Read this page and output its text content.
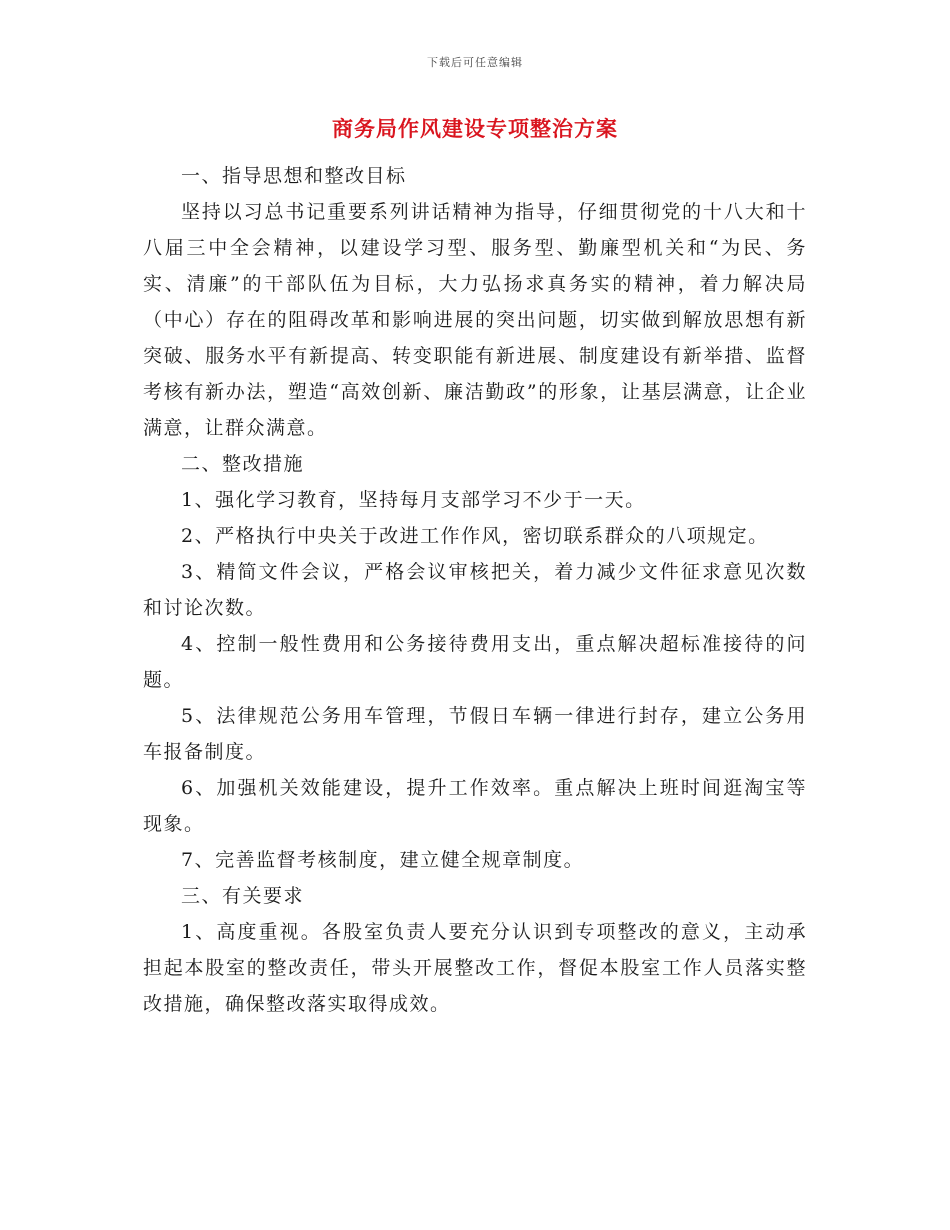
下载后可任意编辑
商务局作风建设专项整治方案

一、指导思想和整改目标

坚持以习总书记重要系列讲话精神为指导，仔细贯彻党的十八大和十八届三中全会精神，以建设学习型、服务型、勤廉型机关和“为民、务实、清廉”的干部队伍为目标，大力弘扬求真务实的精神，着力解决局（中心）存在的阻碍改革和影响进展的突出问题，切实做到解放思想有新突破、服务水平有新提高、转变职能有新进展、制度建设有新举措、监督考核有新办法，塑造“高效创新、廉洁勤政”的形象，让基层满意，让企业满意，让群众满意。

二、整改措施

1、强化学习教育，坚持每月支部学习不少于一天。

2、严格执行中央关于改进工作作风，密切联系群众的八项规定。

3、精简文件会议，严格会议审核把关，着力减少文件征求意见次数和讨论次数。

4、控制一般性费用和公务接待费用支出，重点解决超标准接待的问题。

5、法律规范公务用车管理，节假日车辆一律进行封存，建立公务用车报备制度。

6、加强机关效能建设，提升工作效率。重点解决上班时间逛淘宝等现象。

7、完善监督考核制度，建立健全规章制度。

三、有关要求

1、高度重视。各股室负责人要充分认识到专项整改的意义，主动承担起本股室的整改责任，带头开展整改工作，督促本股室工作人员落实整改措施，确保整改落实取得成效。
